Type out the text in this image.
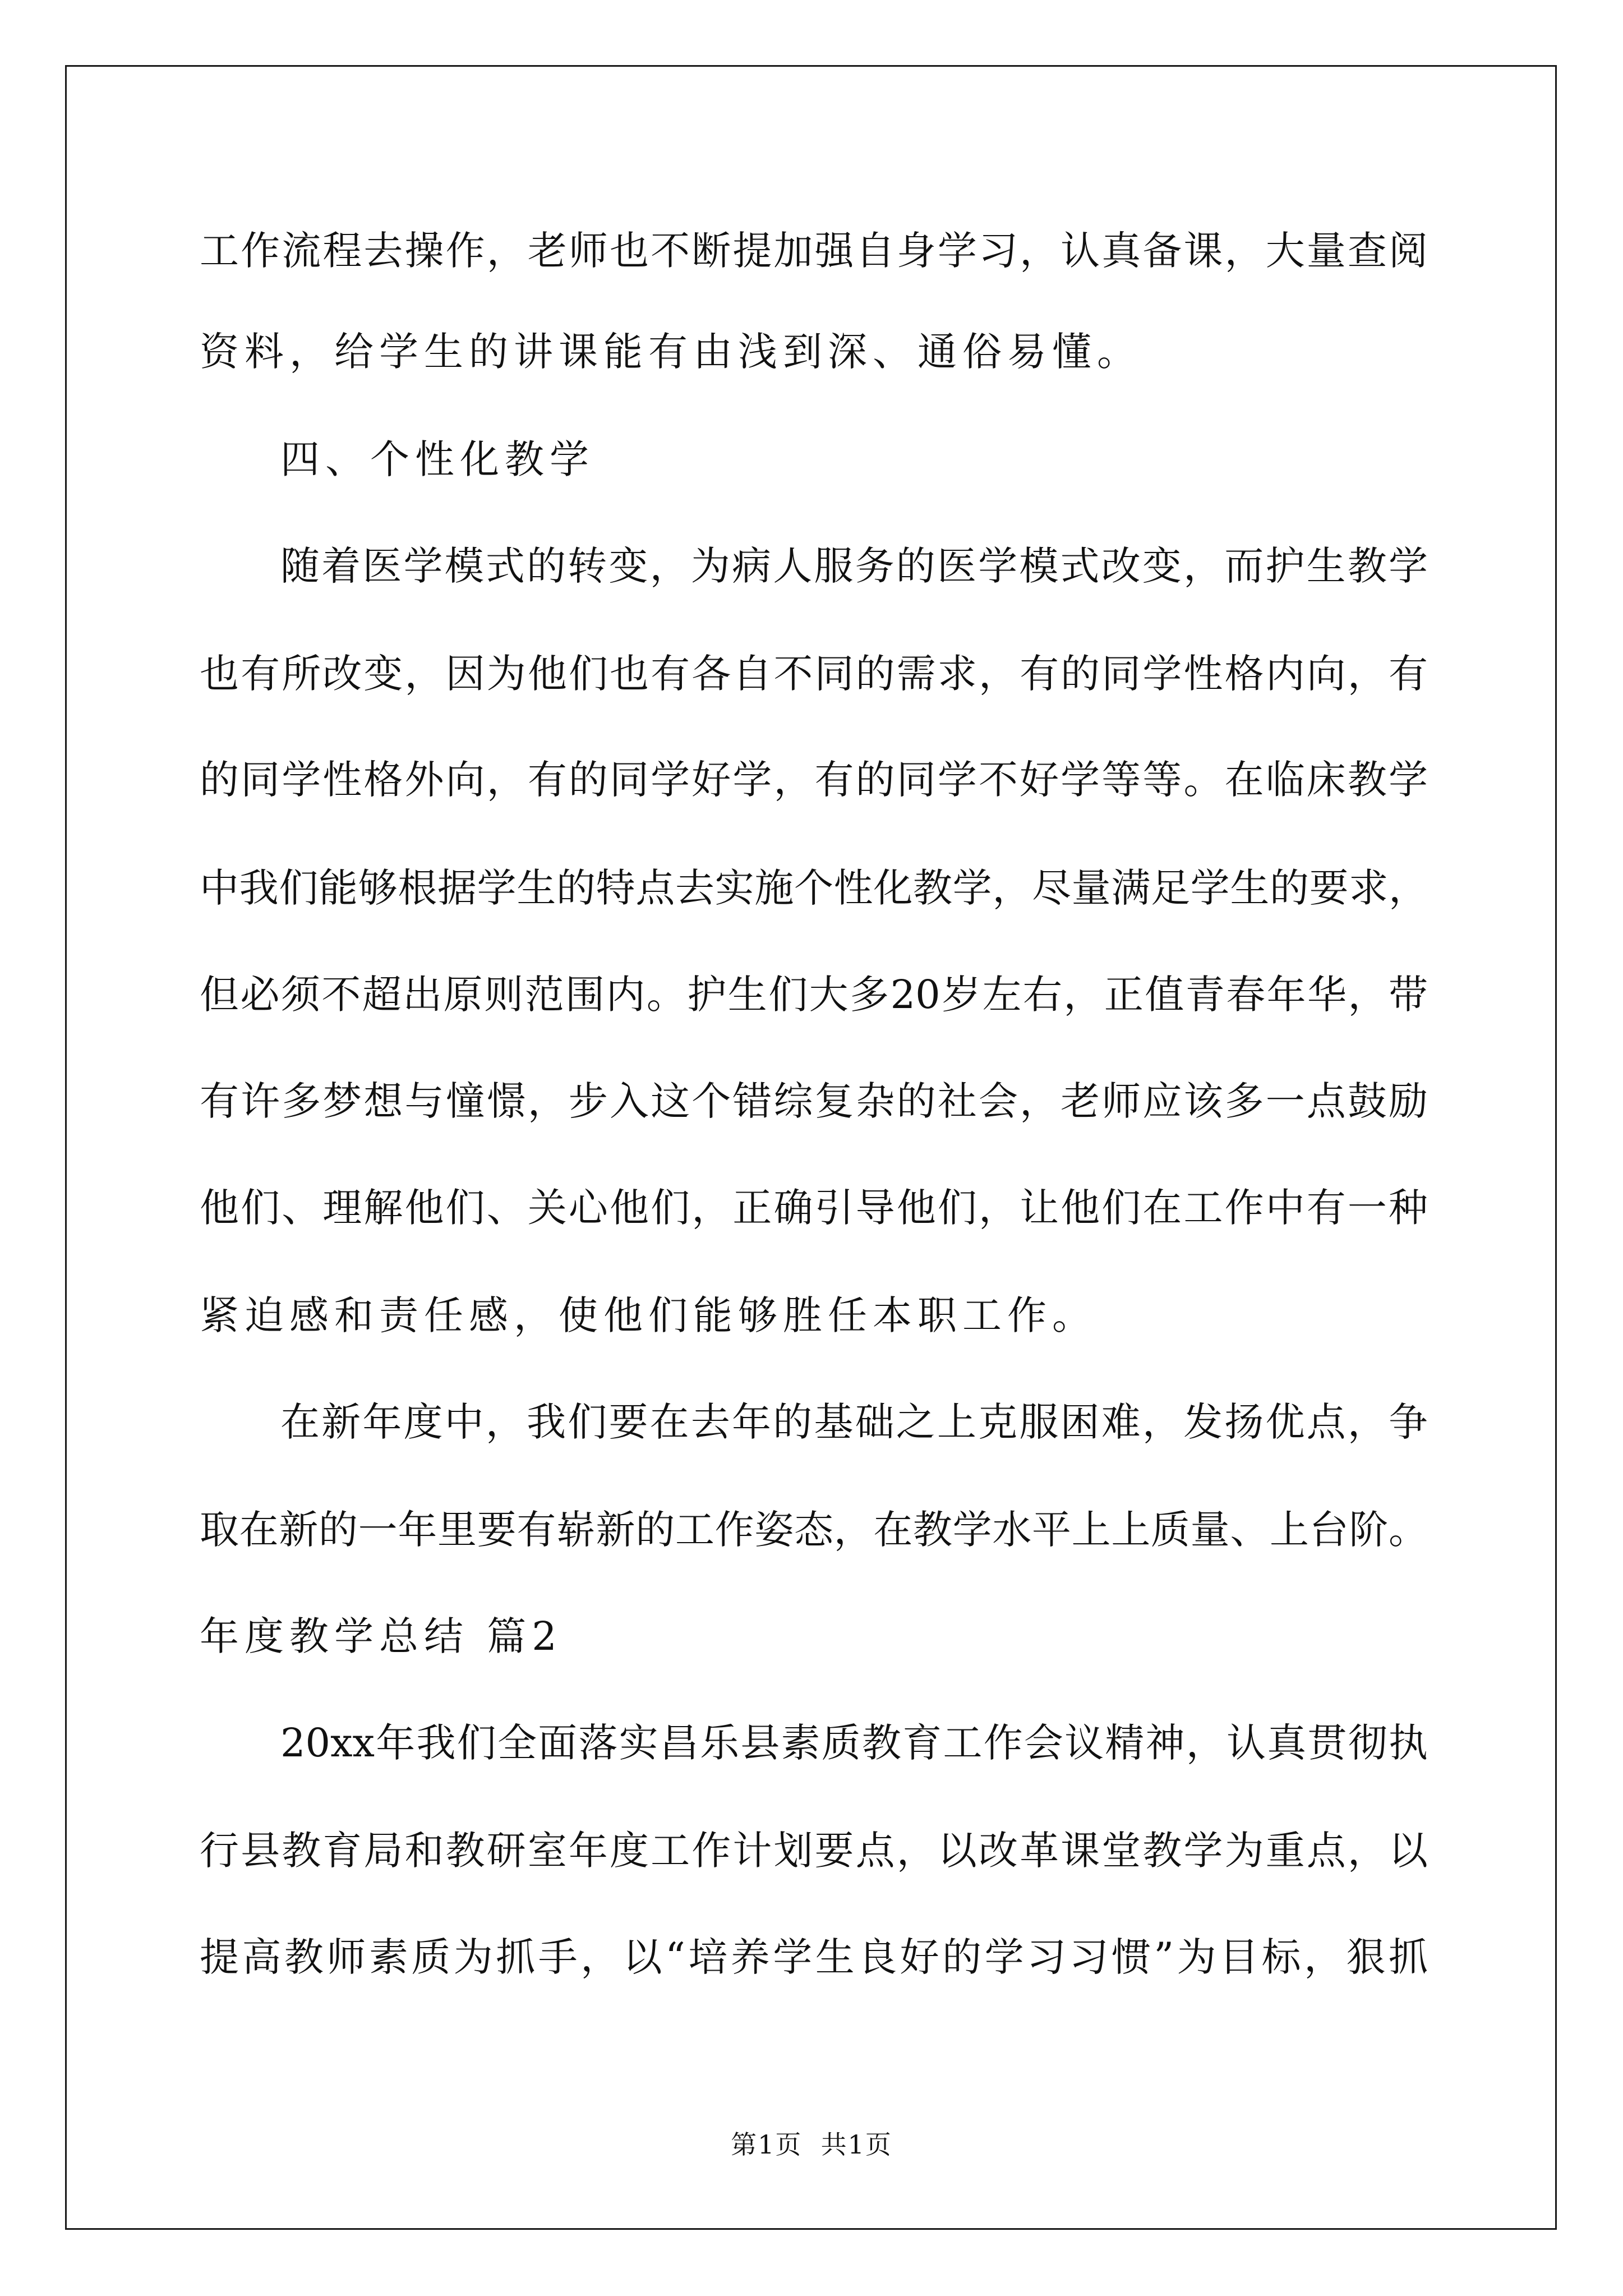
工作流程去操作，老师也不断提加强自身学习，认真备课，大量查阅
资料，给学生的讲课能有由浅到深、通俗易懂。
四、个性化教学
随着医学模式的转变，为病人服务的医学模式改变，而护生教学
也有所改变，因为他们也有各自不同的需求，有的同学性格内向，有
的同学性格外向，有的同学好学，有的同学不好学等等。在临床教学
中我们能够根据学生的特点去实施个性化教学，尽量满足学生的要求，
但必须不超出原则范围内。护生们大多20岁左右，正值青春年华，带
有许多梦想与憧憬，步入这个错综复杂的社会，老师应该多一点鼓励
他们、理解他们、关心他们，正确引导他们，让他们在工作中有一种
紧迫感和责任感，使他们能够胜任本职工作。
在新年度中，我们要在去年的基础之上克服困难，发扬优点，争
取在新的一年里要有崭新的工作姿态，在教学水平上上质量、上台阶。
年度教学总结 篇2
20xx年我们全面落实昌乐县素质教育工作会议精神，认真贯彻执
行县教育局和教研室年度工作计划要点，以改革课堂教学为重点，以
提高教师素质为抓手，以“培养学生良好的学习习惯”为目标，狠抓
第1页  共1页
